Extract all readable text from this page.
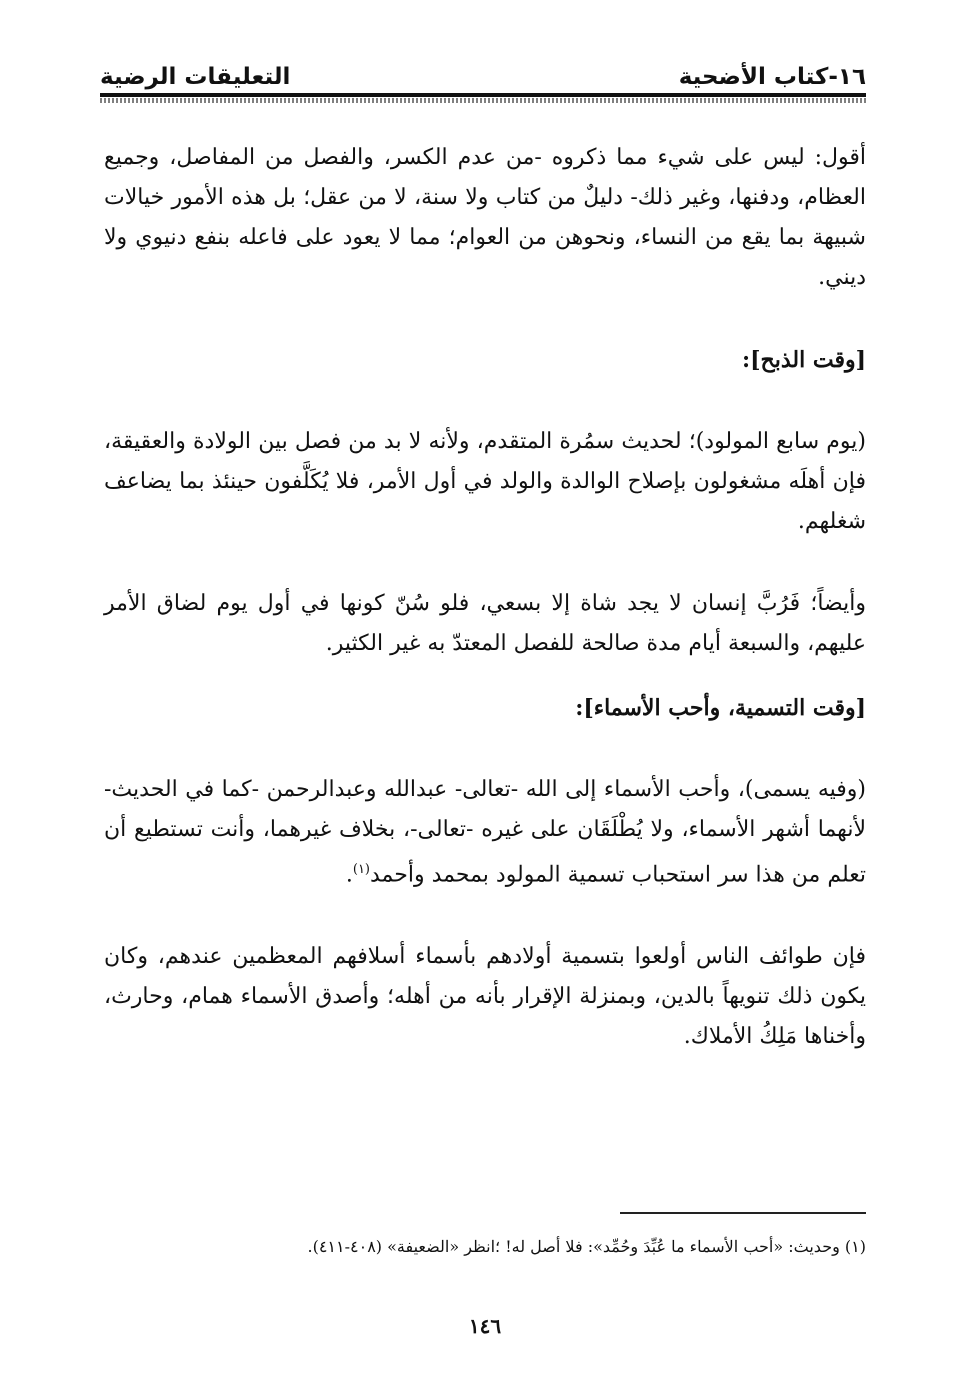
١٦-كتاب الأضحية
التعليقات الرضية

أقول: ليس على شيء مما ذكروه -من عدم الكسر، والفصل من المفاصل، وجميع العظام، ودفنها، وغير ذلك- دليلٌ من كتاب ولا سنة، لا من عقل؛ بل هذه الأمور خيالات شبيهة بما يقع من النساء، ونحوهن من العوام؛ مما لا يعود على فاعله بنفع دنيوي ولا ديني.

[وقت الذبح]:

(يوم سابع المولود)؛ لحديث سمُرة المتقدم، ولأنه لا بد من فصل بين الولادة والعقيقة، فإن أهلَه مشغولون بإصلاح الوالدة والولد في أول الأمر، فلا يُكَلَّفون حينئذ بما يضاعف شغلهم.

وأيضاً؛ فَرُبَّ إنسان لا يجد شاة إلا بسعي، فلو سُنّ كونها في أول يوم لضاق الأمر عليهم، والسبعة أيام مدة صالحة للفصل المعتدّ به غير الكثير.

[وقت التسمية، وأحب الأسماء]:

(وفيه يسمى)، وأحب الأسماء إلى الله -تعالى- عبدالله وعبدالرحمن -كما في الحديث- لأنهما أشهر الأسماء، ولا يُطْلَقَان على غيره -تعالى-، بخلاف غيرهما، وأنت تستطيع أن تعلم من هذا سر استحباب تسمية المولود بمحمد وأحمد$^{(١)}$.

فإن طوائف الناس أولعوا بتسمية أولادهم بأسماء أسلافهم المعظمين عندهم، وكان يكون ذلك تنويهاً بالدين، وبمنزلة الإقرار بأنه من أهله؛ وأصدق الأسماء همام، وحارث، وأخناها مَلِكُ الأملاك.

(١) وحديث: «أحب الأسماء ما عُبِّدَ وحُمِّد»: فلا أصل له! ؛انظر «الضعيفة» (٤٠٨-٤١١).
١٤٦
